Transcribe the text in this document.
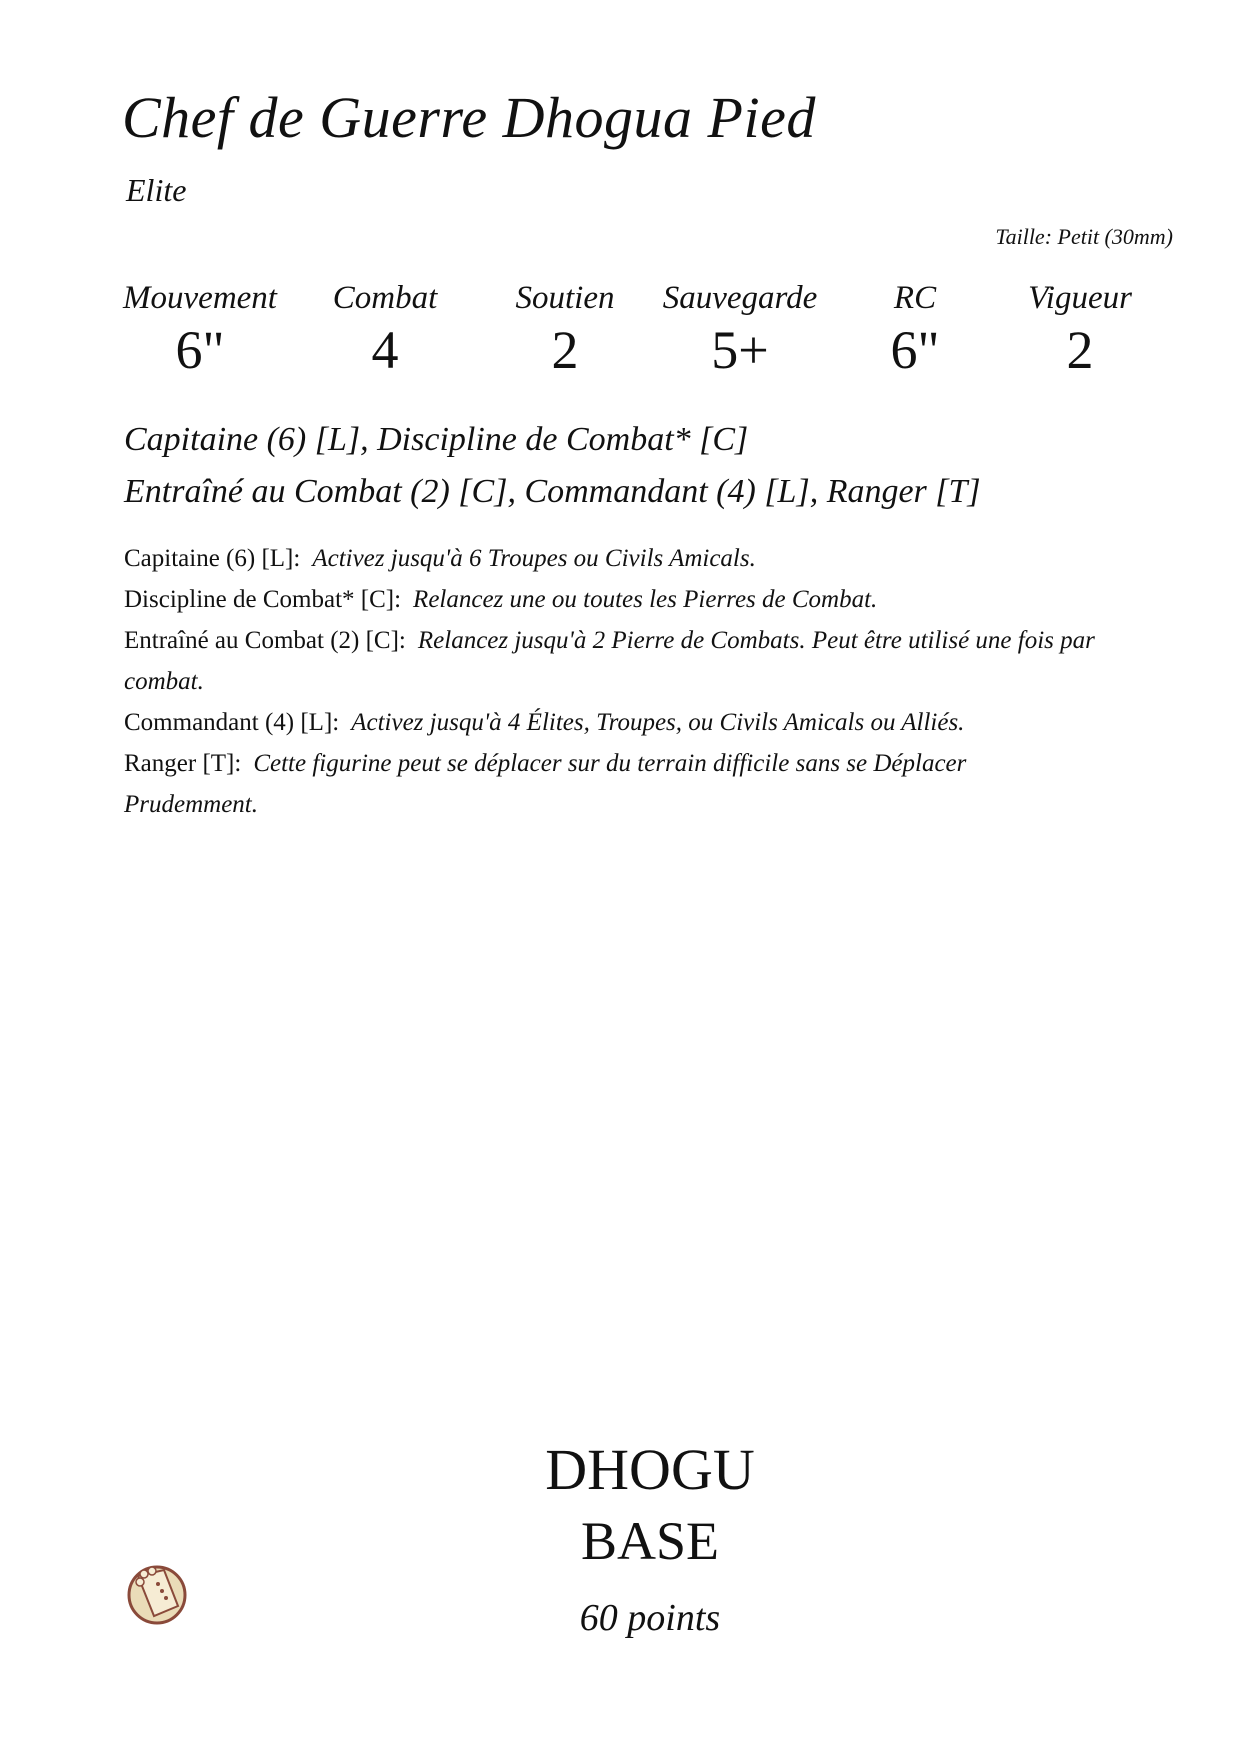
Chef de Guerre Dhogua Pied
Elite
Taille: Petit (30mm)
Mouvement
6"
Combat
4
Soutien
2
Sauvegarde
5+
RC
6"
Vigueur
2
Capitaine (6) [L], Discipline de Combat* [C]
Entraîné au Combat (2) [C], Commandant (4) [L], Ranger [T]
Capitaine (6) [L]: Activez jusqu'à 6 Troupes ou Civils Amicals.
Discipline de Combat* [C]: Relancez une ou toutes les Pierres de Combat.
Entraîné au Combat (2) [C]: Relancez jusqu'à 2 Pierre de Combats. Peut être utilisé une fois par combat.
Commandant (4) [L]: Activez jusqu'à 4 Élites, Troupes, ou Civils Amicals ou Alliés.
Ranger [T]: Cette figurine peut se déplacer sur du terrain difficile sans se Déplacer Prudemment.
DHOGU
BASE
60 points
